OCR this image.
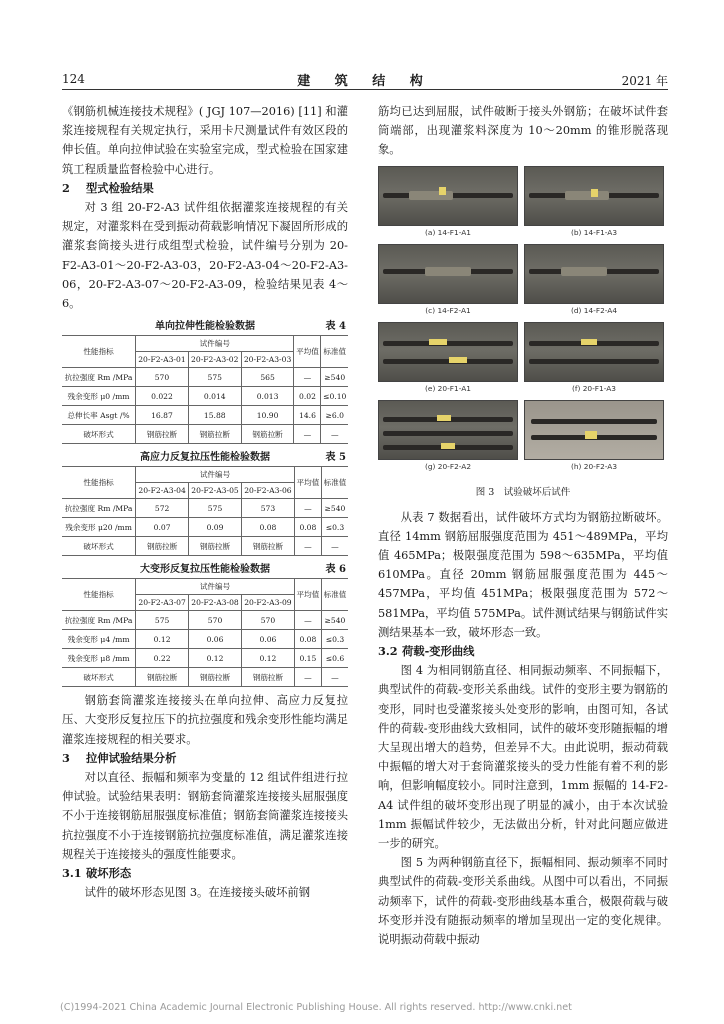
124	建 筑 结 构	2021 年

《钢筋机械连接技术规程》( JGJ 107—2016) [11] 和灌浆连接规程有关规定执行，采用卡尺测量试件有效区段的伸长值。单向拉伸试验在实验室完成，型式检验在国家建筑工程质量监督检验中心进行。

2 型式检验结果

对 3 组 20-F2-A3 试件组依据灌浆连接规程的有关规定，对灌浆料在受到振动荷载影响情况下凝固所形成的灌浆套筒接头进行成组型式检验，试件编号分别为 20-F2-A3-01～20-F2-A3-03，20-F2-A3-04～20-F2-A3-06，20-F2-A3-07～20-F2-A3-09，检验结果见表 4～6。

单向拉伸性能检验数据	表 4
性能指标	试件编号			平均值	标准值
	20-F2-A3-01	20-F2-A3-02	20-F2-A3-03		
抗拉强度 Rm /MPa	570	575	565	—	≥540
残余变形 μ0 /mm	0.022	0.014	0.013	0.02	≤0.10
总伸长率 Asgt /%	16.87	15.88	10.90	14.6	≥6.0
破坏形式	钢筋拉断	钢筋拉断	钢筋拉断	—	—
高应力反复拉压性能检验数据	表 5
性能指标	试件编号			平均值	标准值
	20-F2-A3-04	20-F2-A3-05	20-F2-A3-06		
抗拉强度 Rm /MPa	572	575	573	—	≥540
残余变形 μ20 /mm	0.07	0.09	0.08	0.08	≤0.3
破坏形式	钢筋拉断	钢筋拉断	钢筋拉断	—	—
大变形反复拉压性能检验数据	表 6
性能指标	试件编号			平均值	标准值
	20-F2-A3-07	20-F2-A3-08	20-F2-A3-09		
抗拉强度 Rm /MPa	575	570	570	—	≥540
残余变形 μ4 /mm	0.12	0.06	0.06	0.08	≤0.3
残余变形 μ8 /mm	0.22	0.12	0.12	0.15	≤0.6
破坏形式	钢筋拉断	钢筋拉断	钢筋拉断	—	—

钢筋套筒灌浆连接接头在单向拉伸、高应力反复拉压、大变形反复拉压下的抗拉强度和残余变形性能均满足灌浆连接规程的相关要求。

3 拉伸试验结果分析

对以直径、振幅和频率为变量的 12 组试件组进行拉伸试验。试验结果表明：钢筋套筒灌浆连接接头屈服强度不小于连接钢筋屈服强度标准值；钢筋套筒灌浆连接接头抗拉强度不小于连接钢筋抗拉强度标准值，满足灌浆连接规程关于连接接头的强度性能要求。

3.1 破坏形态

试件的破坏形态见图 3。在连接接头破坏前钢

筋均已达到屈服，试件破断于接头外钢筋；在破坏试件套筒端部，出现灌浆料深度为 10～20mm 的锥形脱落现象。

(a) 14-F1-A1	(b) 14-F1-A3
(c) 14-F2-A1	(d) 14-F2-A4
(e) 20-F1-A1	(f) 20-F1-A3
(g) 20-F2-A2	(h) 20-F2-A3
图 3　试验破坏后试件

从表 7 数据看出，试件破坏方式均为钢筋拉断破坏。直径 14mm 钢筋屈服强度范围为 451～489MPa，平均值 465MPa；极限强度范围为 598～635MPa，平均值 610MPa。直径 20mm 钢筋屈服强度范围为 445～457MPa，平均值 451MPa；极限强度范围为 572～581MPa，平均值 575MPa。试件测试结果与钢筋试件实测结果基本一致，破坏形态一致。

3.2 荷载-变形曲线

图 4 为相同钢筋直径、相同振动频率、不同振幅下，典型试件的荷载-变形关系曲线。试件的变形主要为钢筋的变形，同时也受灌浆接头处变形的影响，由图可知，各试件的荷载-变形曲线大致相同，试件的破坏变形随振幅的增大呈现出增大的趋势，但差异不大。由此说明，振动荷载中振幅的增大对于套筒灌浆接头的受力性能有着不利的影响，但影响幅度较小。同时注意到，1mm 振幅的 14-F2-A4 试件组的破坏变形出现了明显的减小，由于本次试验 1mm 振幅试件较少，无法做出分析，针对此问题应做进一步的研究。

图 5 为两种钢筋直径下，振幅相同、振动频率不同时典型试件的荷载-变形关系曲线。从图中可以看出，不同振动频率下，试件的荷载-变形曲线基本重合，极限荷载与破坏变形并没有随振动频率的增加呈现出一定的变化规律。说明振动荷载中振动

(C)1994-2021 China Academic Journal Electronic Publishing House. All rights reserved. http://www.cnki.net
